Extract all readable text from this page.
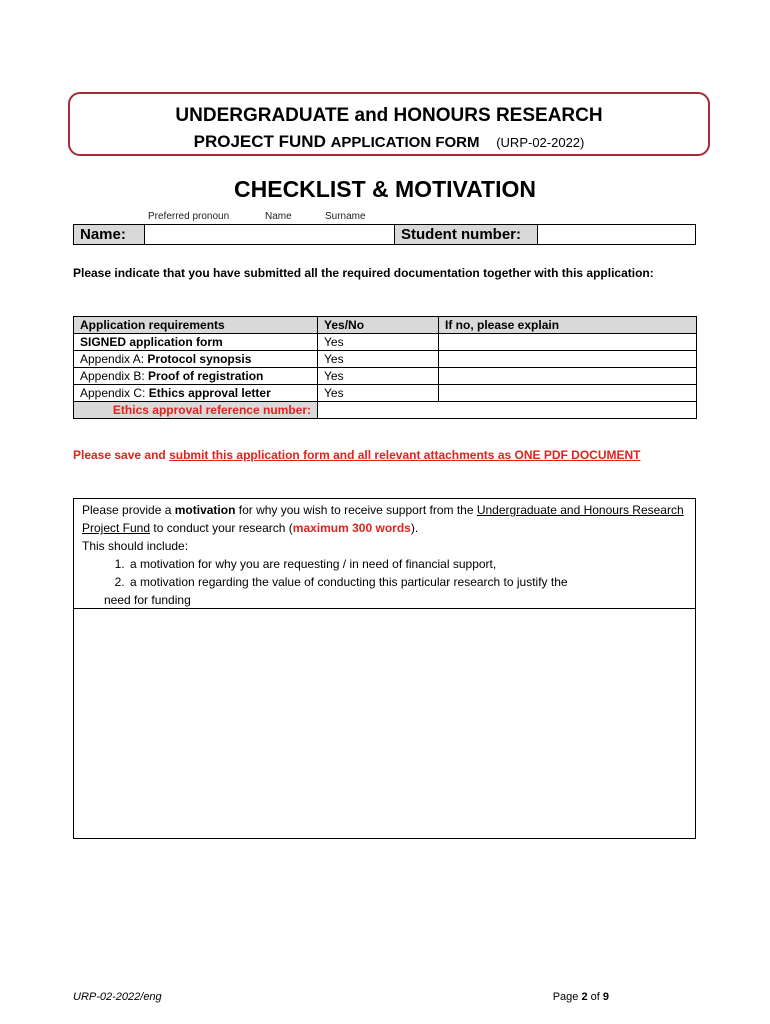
UNDERGRADUATE and HONOURS RESEARCH
PROJECT FUND APPLICATION FORM (URP-02-2022)
CHECKLIST & MOTIVATION
Preferred pronoun	Name	Surname
Name:	Student number:
Please indicate that you have submitted all the required documentation together with this application:
Application requirements	Yes/No	If no, please explain
SIGNED application form	Yes	
Appendix A: Protocol synopsis	Yes	
Appendix B: Proof of registration	Yes	
Appendix C: Ethics approval letter	Yes	
Ethics approval reference number:		
Please save and submit this application form and all relevant attachments as ONE PDF DOCUMENT
Please provide a motivation for why you wish to receive support from the Undergraduate and Honours Research Project Fund to conduct your research (maximum 300 words).
This should include:
1. a motivation for why you are requesting / in need of financial support,
2. a motivation regarding the value of conducting this particular research to justify the
need for funding
URP-02-2022/eng	Page 2 of 9
